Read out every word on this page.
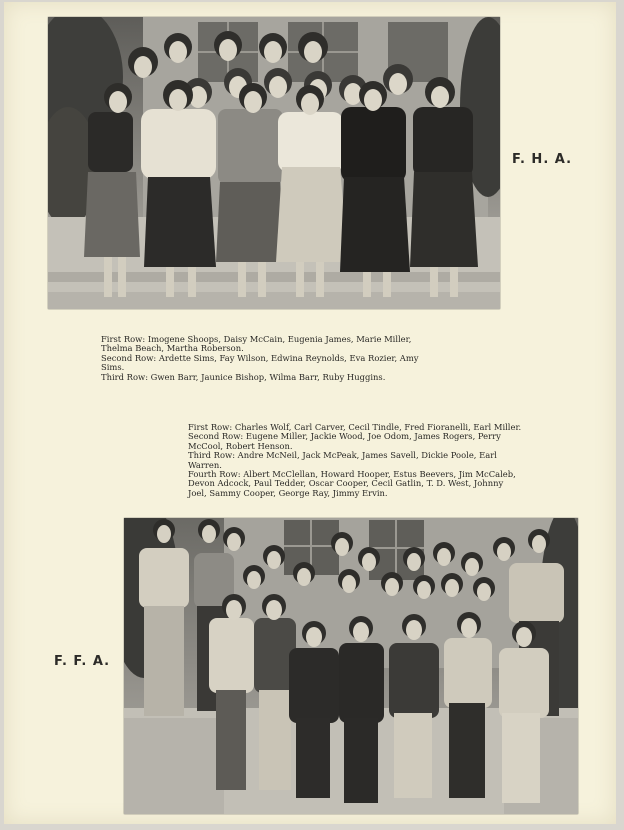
F. H. A.

First Row: Imogene Shoops, Daisy McCain, Eugenia James, Marie Miller, Thelma Beach, Martha Roberson.

Second Row: Ardette Sims, Fay Wilson, Edwina Reynolds, Eva Rozier, Amy Sims.

Third Row: Gwen Barr, Jaunice Bishop, Wilma Barr, Ruby Huggins.

First Row: Charles Wolf, Carl Carver, Cecil Tindle, Fred Fioranelli, Earl Miller.

Second Row: Eugene Miller, Jackie Wood, Joe Odom, James Rogers, Perry McCool, Robert Henson.

Third Row: Andre McNeil, Jack McPeak, James Savell, Dickie Poole, Earl Warren.

Fourth Row: Albert McClellan, Howard Hooper, Estus Beevers, Jim McCaleb, Devon Adcock, Paul Tedder, Oscar Cooper, Cecil Gatlin, T. D. West, Johnny Joel, Sammy Cooper, George Ray, Jimmy Ervin.

F. F. A.
